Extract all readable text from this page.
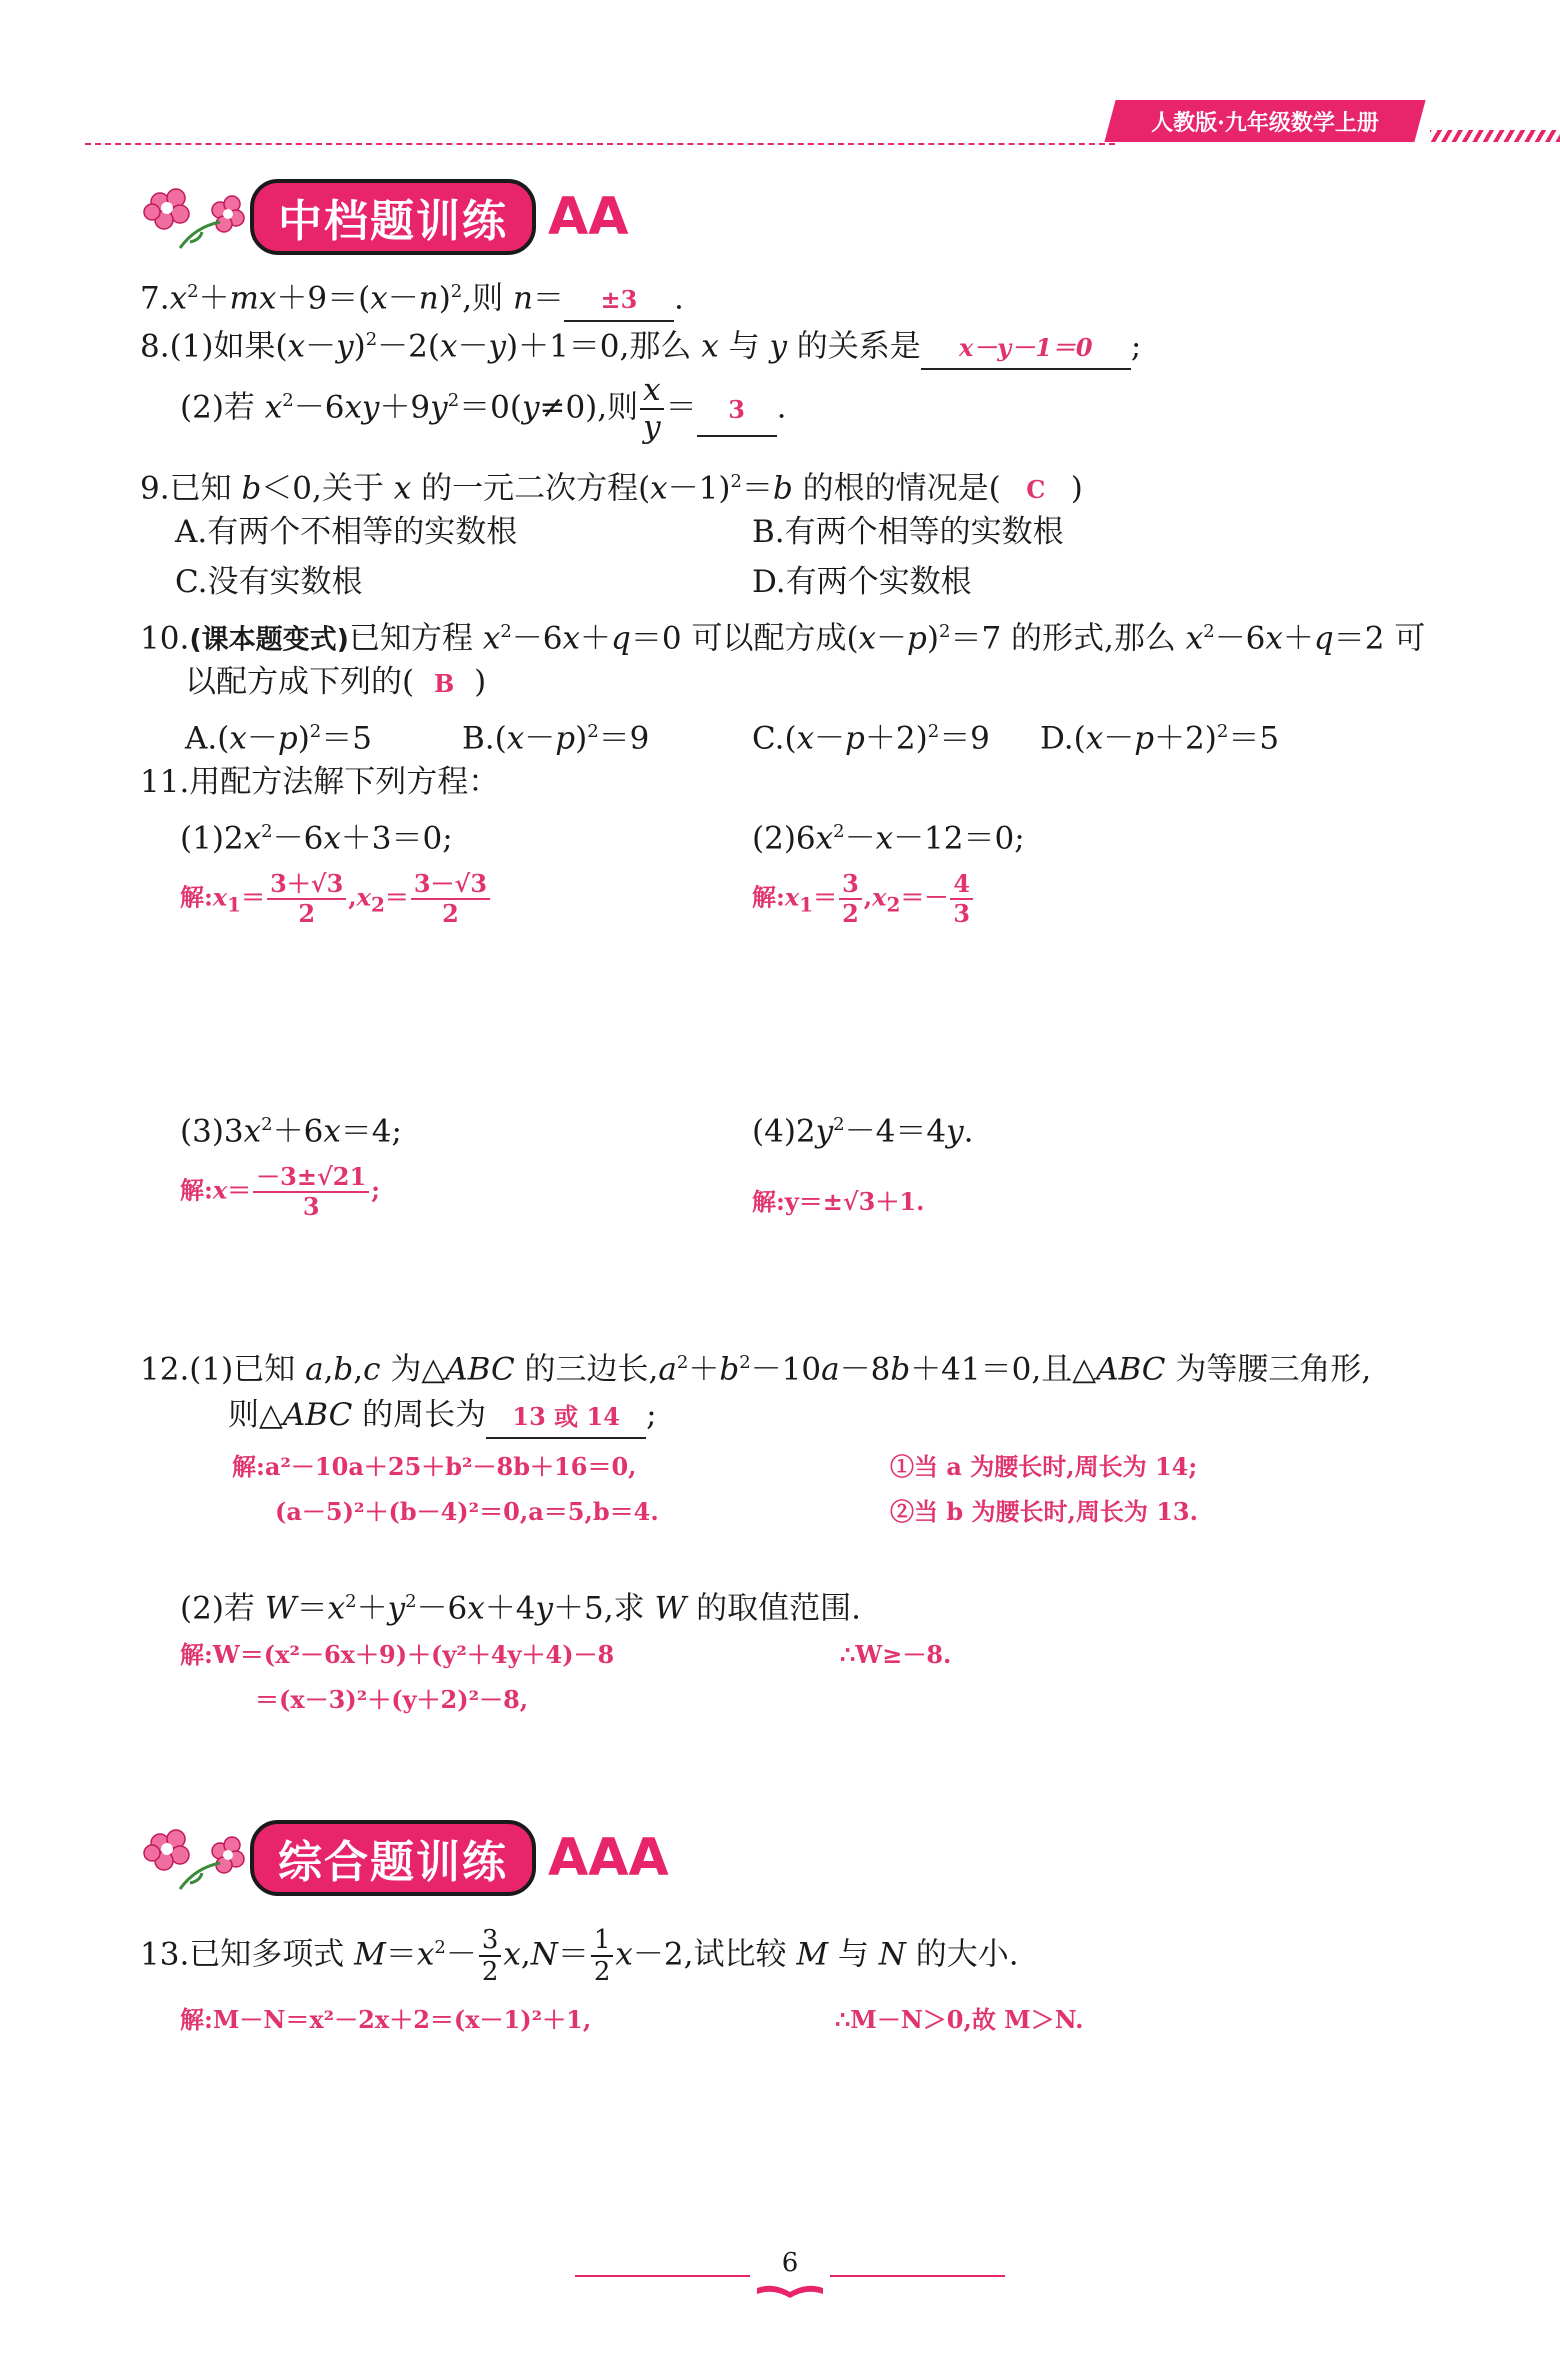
人教版·九年级数学上册
中档题训练 AA
$7.x^2+mx+9=(x-n)^2$,则 n＝ ±3 .
8.(1)如果$(x-y)^2-2(x-y)+1=0$,那么 x 与 y 的关系是 x－y－1＝0 ;
(2)若 $x^2-6xy+9y^2=0(y\ne 0)$,则 $\frac{x}{y} = 3$ .
9.已知 b＜0,关于 x 的一元二次方程$(x-1)^2=b$ 的根的情况是( C )
A.有两个不相等的实数根	B.有两个相等的实数根
C.没有实数根	D.有两个实数根
10.(课本题变式)已知方程 $x^2-6x+q=0$ 可以配方成$(x-p)^2=7$ 的形式,那么 $x^2-6x+q=2$ 可
以配方成下列的( B )
$A.(x-p)^2=5$	$B.(x-p)^2=9$	$C.(x-p+2)^2=9$ $D.(x-p+2)^2=5$
11.用配方法解下列方程：
$(1)2x^2-6x+3=0$;	$(2)6x^2-x-12=0$;
解$:x_1= \frac{3+√3}{2} ,x_2= \frac{3-√3}{2}$	解$:x_1= \frac{3}{2} ,x_2=- \frac{4}{3}$
$(3)3x^2+6x=4$;	$(4)2y^2-4=4y$.
解:x＝ $\frac{-3\pm√21}{3}$ ;	解:y＝±√3＋1.
12.(1)已知 a,b,c 为△ABC 的三边长$,a^2+b^2-10a-8b+41=0$,且△ABC 为等腰三角形,
则△ABC 的周长为 13 或 14 ;
解:a²－10a＋25＋b²－8b＋16＝0,
(a－5)²＋(b－4)²＝0,a＝5,b＝4.
①当 a 为腰长时,周长为 14;
②当 b 为腰长时,周长为 13.
(2)若 $W=x^2+y^2-6x+4y+5$,求 W 的取值范围.
解:W＝(x²－6x＋9)＋(y²＋4y＋4)－8
＝(x－3)²＋(y＋2)²－8,
∴W≥－8.
综合题训练 AAA
13.已知多项式 $M=x^2- \frac{3}{2} x,N= \frac{1}{2} x-2$,试比较 M 与 N 的大小.
解:M－N＝x²－2x＋2＝(x－1)²＋1,	∴M－N＞0,故 M＞N.
6
